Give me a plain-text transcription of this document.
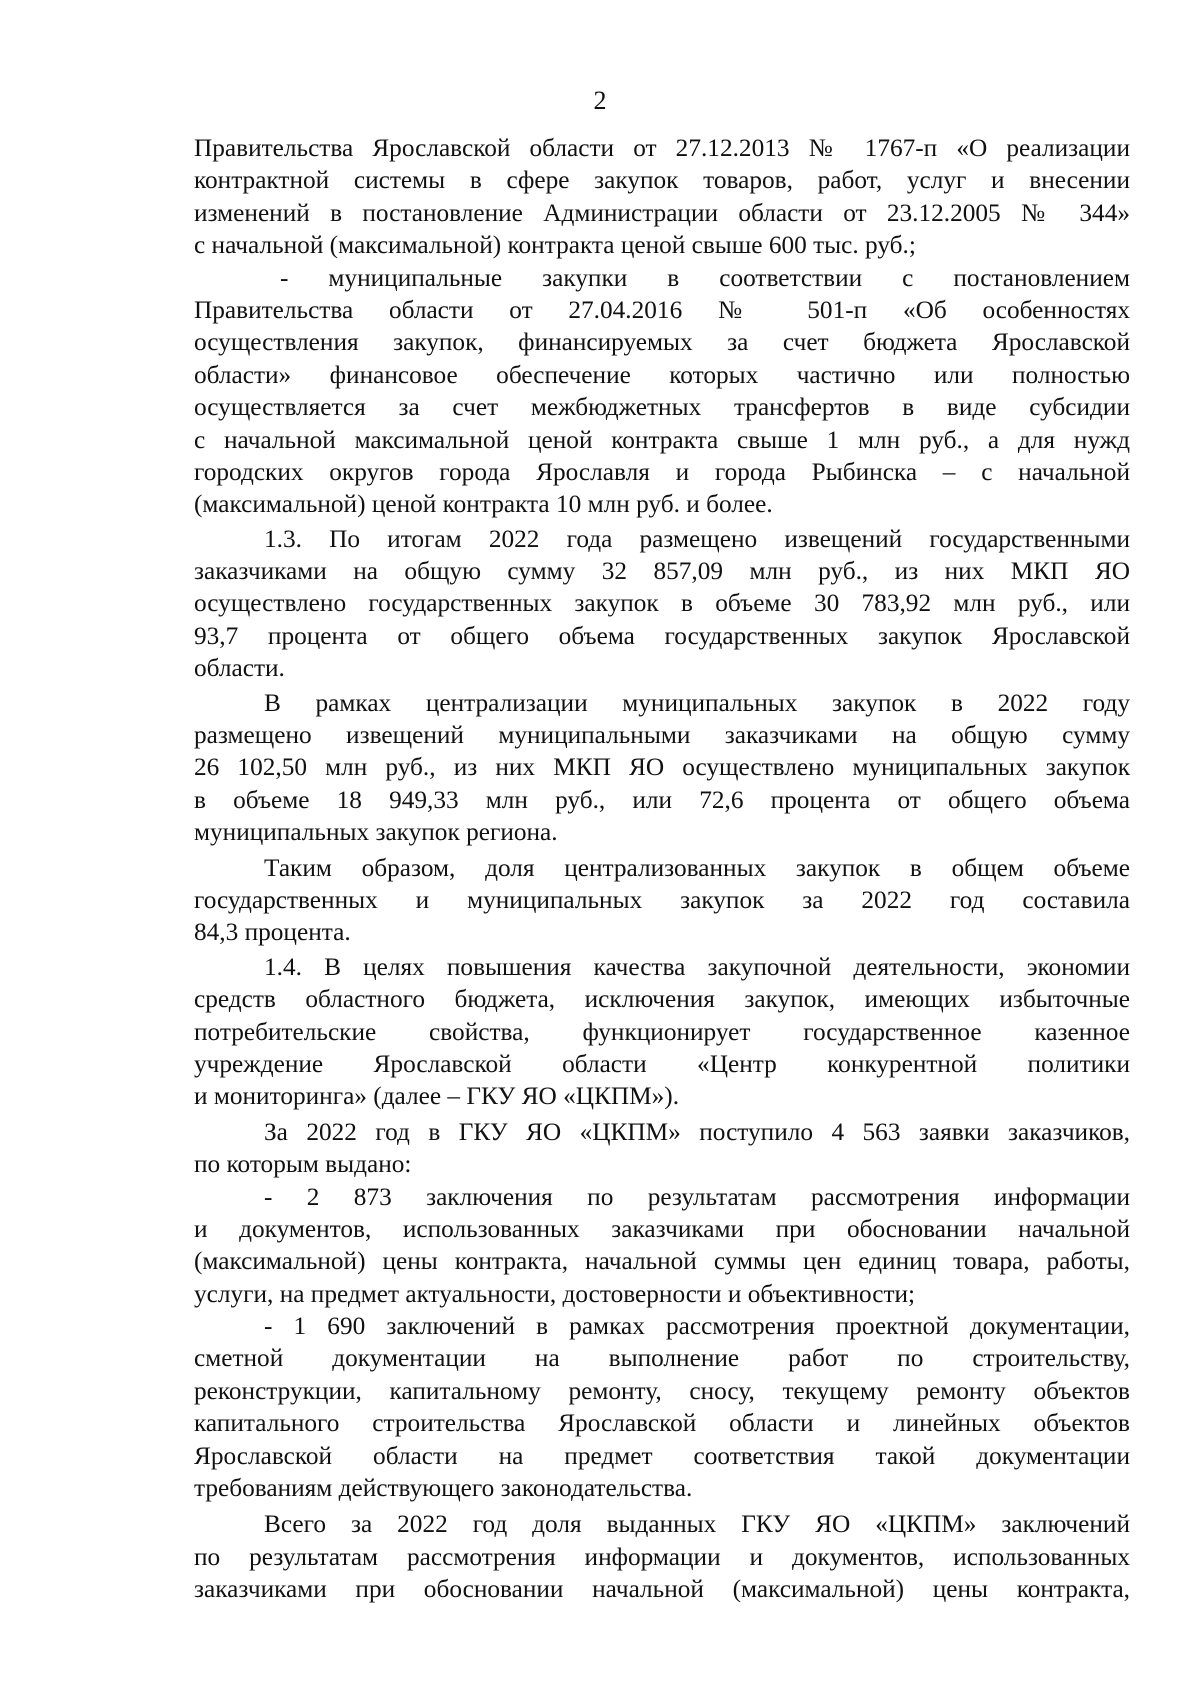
2
Правительства Ярославской области от 27.12.2013 № 1767-п «О реализации
контрактной системы в сфере закупок товаров, работ, услуг и внесении
изменений в постановление Администрации области от 23.12.2005 № 344»
с начальной (максимальной) контракта ценой свыше 600 тыс. руб.;
- муниципальные закупки в соответствии с постановлением
Правительства области от 27.04.2016 № 501-п «Об особенностях
осуществления закупок, финансируемых за счет бюджета Ярославской
области» финансовое обеспечение которых частично или полностью
осуществляется за счет межбюджетных трансфертов в виде субсидии
с начальной максимальной ценой контракта свыше 1 млн руб., а для нужд
городских округов города Ярославля и города Рыбинска – с начальной
(максимальной) ценой контракта 10 млн руб. и более.
1.3. По итогам 2022 года размещено извещений государственными
заказчиками на общую сумму 32 857,09 млн руб., из них МКП ЯО
осуществлено государственных закупок в объеме 30 783,92 млн руб., или
93,7 процента от общего объема государственных закупок Ярославской
области.
В рамках централизации муниципальных закупок в 2022 году
размещено извещений муниципальными заказчиками на общую сумму
26 102,50 млн руб., из них МКП ЯО осуществлено муниципальных закупок
в объеме 18 949,33 млн руб., или 72,6 процента от общего объема
муниципальных закупок региона.
Таким образом, доля централизованных закупок в общем объеме
государственных и муниципальных закупок за 2022 год составила
84,3 процента.
1.4. В целях повышения качества закупочной деятельности, экономии
средств областного бюджета, исключения закупок, имеющих избыточные
потребительские свойства, функционирует государственное казенное
учреждение Ярославской области «Центр конкурентной политики
и мониторинга» (далее – ГКУ ЯО «ЦКПМ»).
За 2022 год в ГКУ ЯО «ЦКПМ» поступило 4 563 заявки заказчиков,
по которым выдано:
- 2 873 заключения по результатам рассмотрения информации
и документов, использованных заказчиками при обосновании начальной
(максимальной) цены контракта, начальной суммы цен единиц товара, работы,
услуги, на предмет актуальности, достоверности и объективности;
- 1 690 заключений в рамках рассмотрения проектной документации,
сметной документации на выполнение работ по строительству,
реконструкции, капитальному ремонту, сносу, текущему ремонту объектов
капитального строительства Ярославской области и линейных объектов
Ярославской области на предмет соответствия такой документации
требованиям действующего законодательства.
Всего за 2022 год доля выданных ГКУ ЯО «ЦКПМ» заключений
по результатам рассмотрения информации и документов, использованных
заказчиками при обосновании начальной (максимальной) цены контракта,
